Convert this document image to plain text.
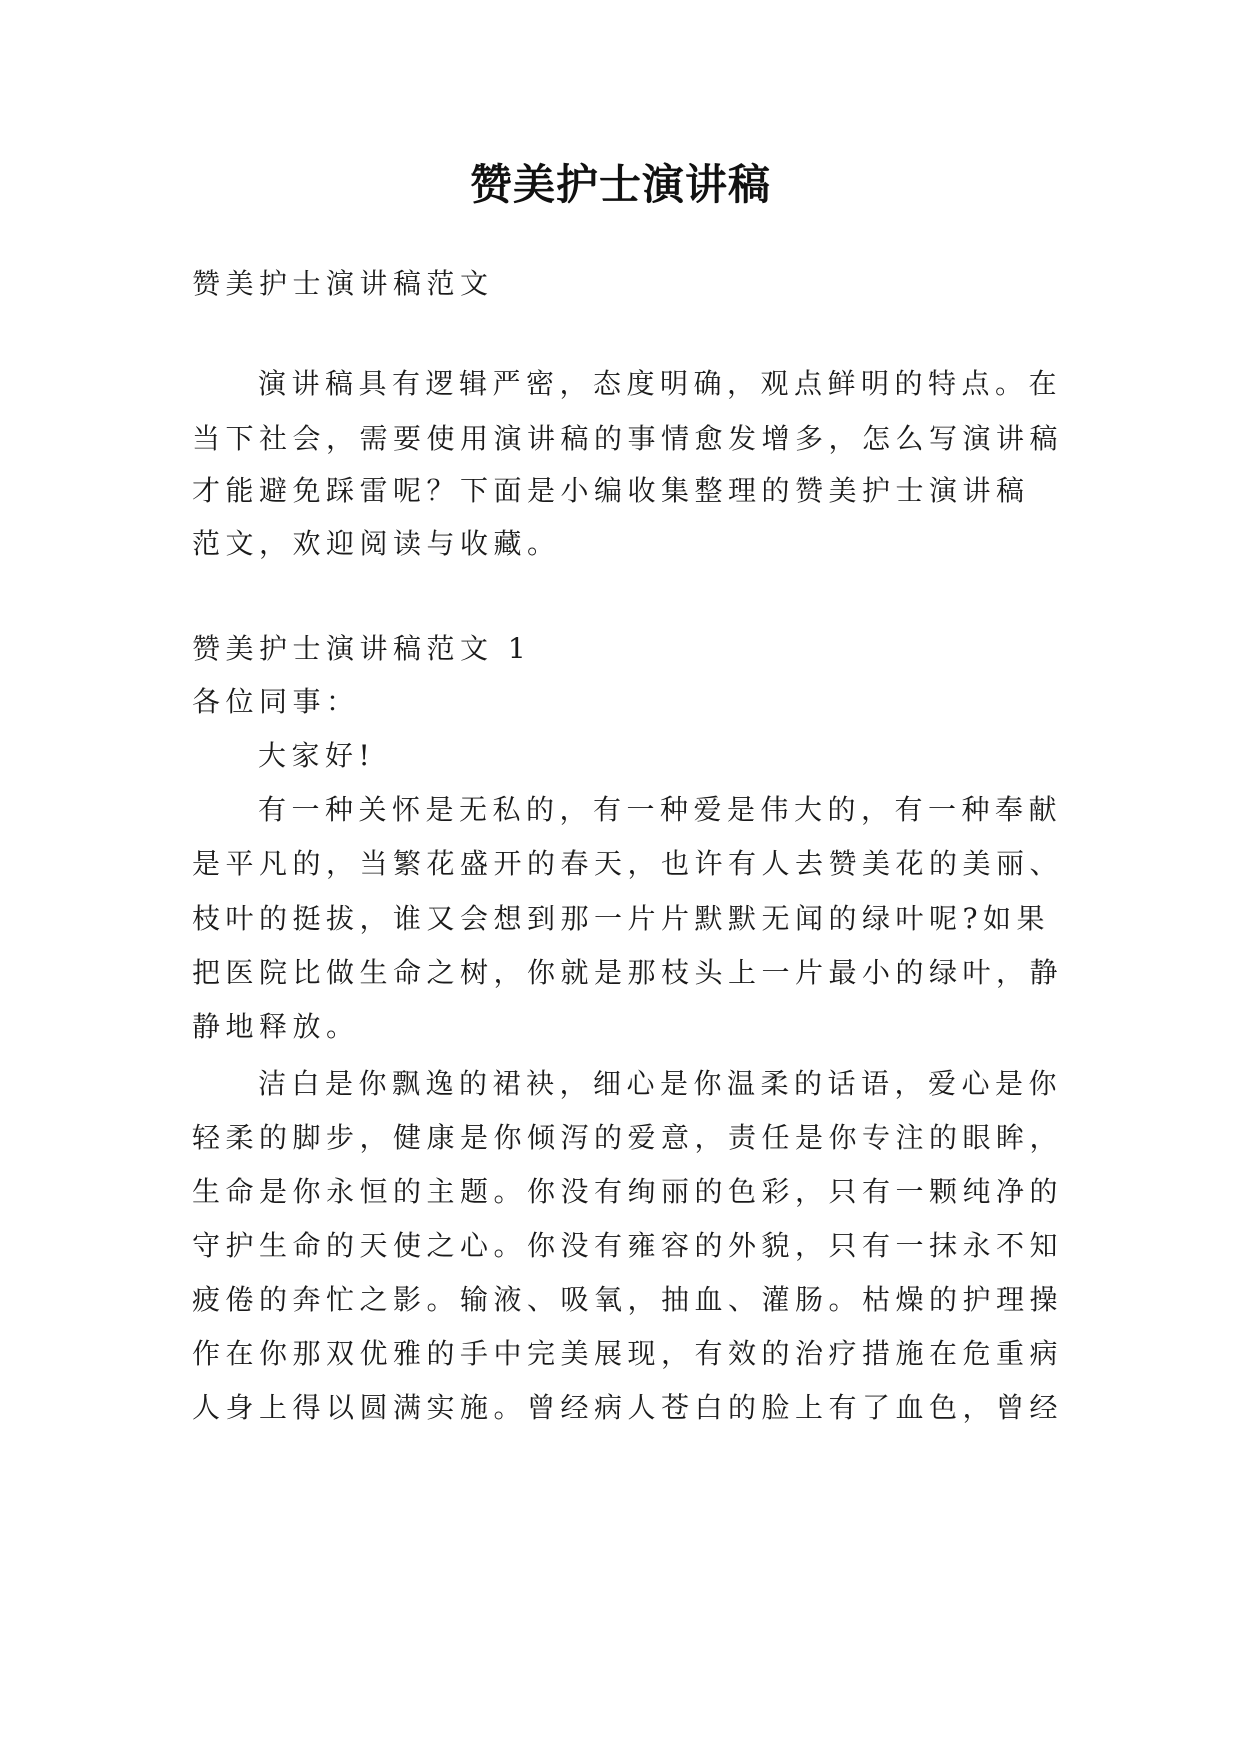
赞美护士演讲稿
赞美护士演讲稿范文
演讲稿具有逻辑严密，态度明确，观点鲜明的特点。在
当下社会，需要使用演讲稿的事情愈发增多，怎么写演讲稿
才能避免踩雷呢？下面是小编收集整理的赞美护士演讲稿
范文，欢迎阅读与收藏。
赞美护士演讲稿范文 1
各位同事：
大家好!
有一种关怀是无私的，有一种爱是伟大的，有一种奉献
是平凡的，当繁花盛开的春天，也许有人去赞美花的美丽、
枝叶的挺拔，谁又会想到那一片片默默无闻的绿叶呢?如果
把医院比做生命之树，你就是那枝头上一片最小的绿叶，静
静地释放。
洁白是你飘逸的裙袂，细心是你温柔的话语，爱心是你
轻柔的脚步，健康是你倾泻的爱意，责任是你专注的眼眸，
生命是你永恒的主题。你没有绚丽的色彩，只有一颗纯净的
守护生命的天使之心。你没有雍容的外貌，只有一抹永不知
疲倦的奔忙之影。输液、吸氧，抽血、灌肠。枯燥的护理操
作在你那双优雅的手中完美展现，有效的治疗措施在危重病
人身上得以圆满实施。曾经病人苍白的脸上有了血色，曾经
